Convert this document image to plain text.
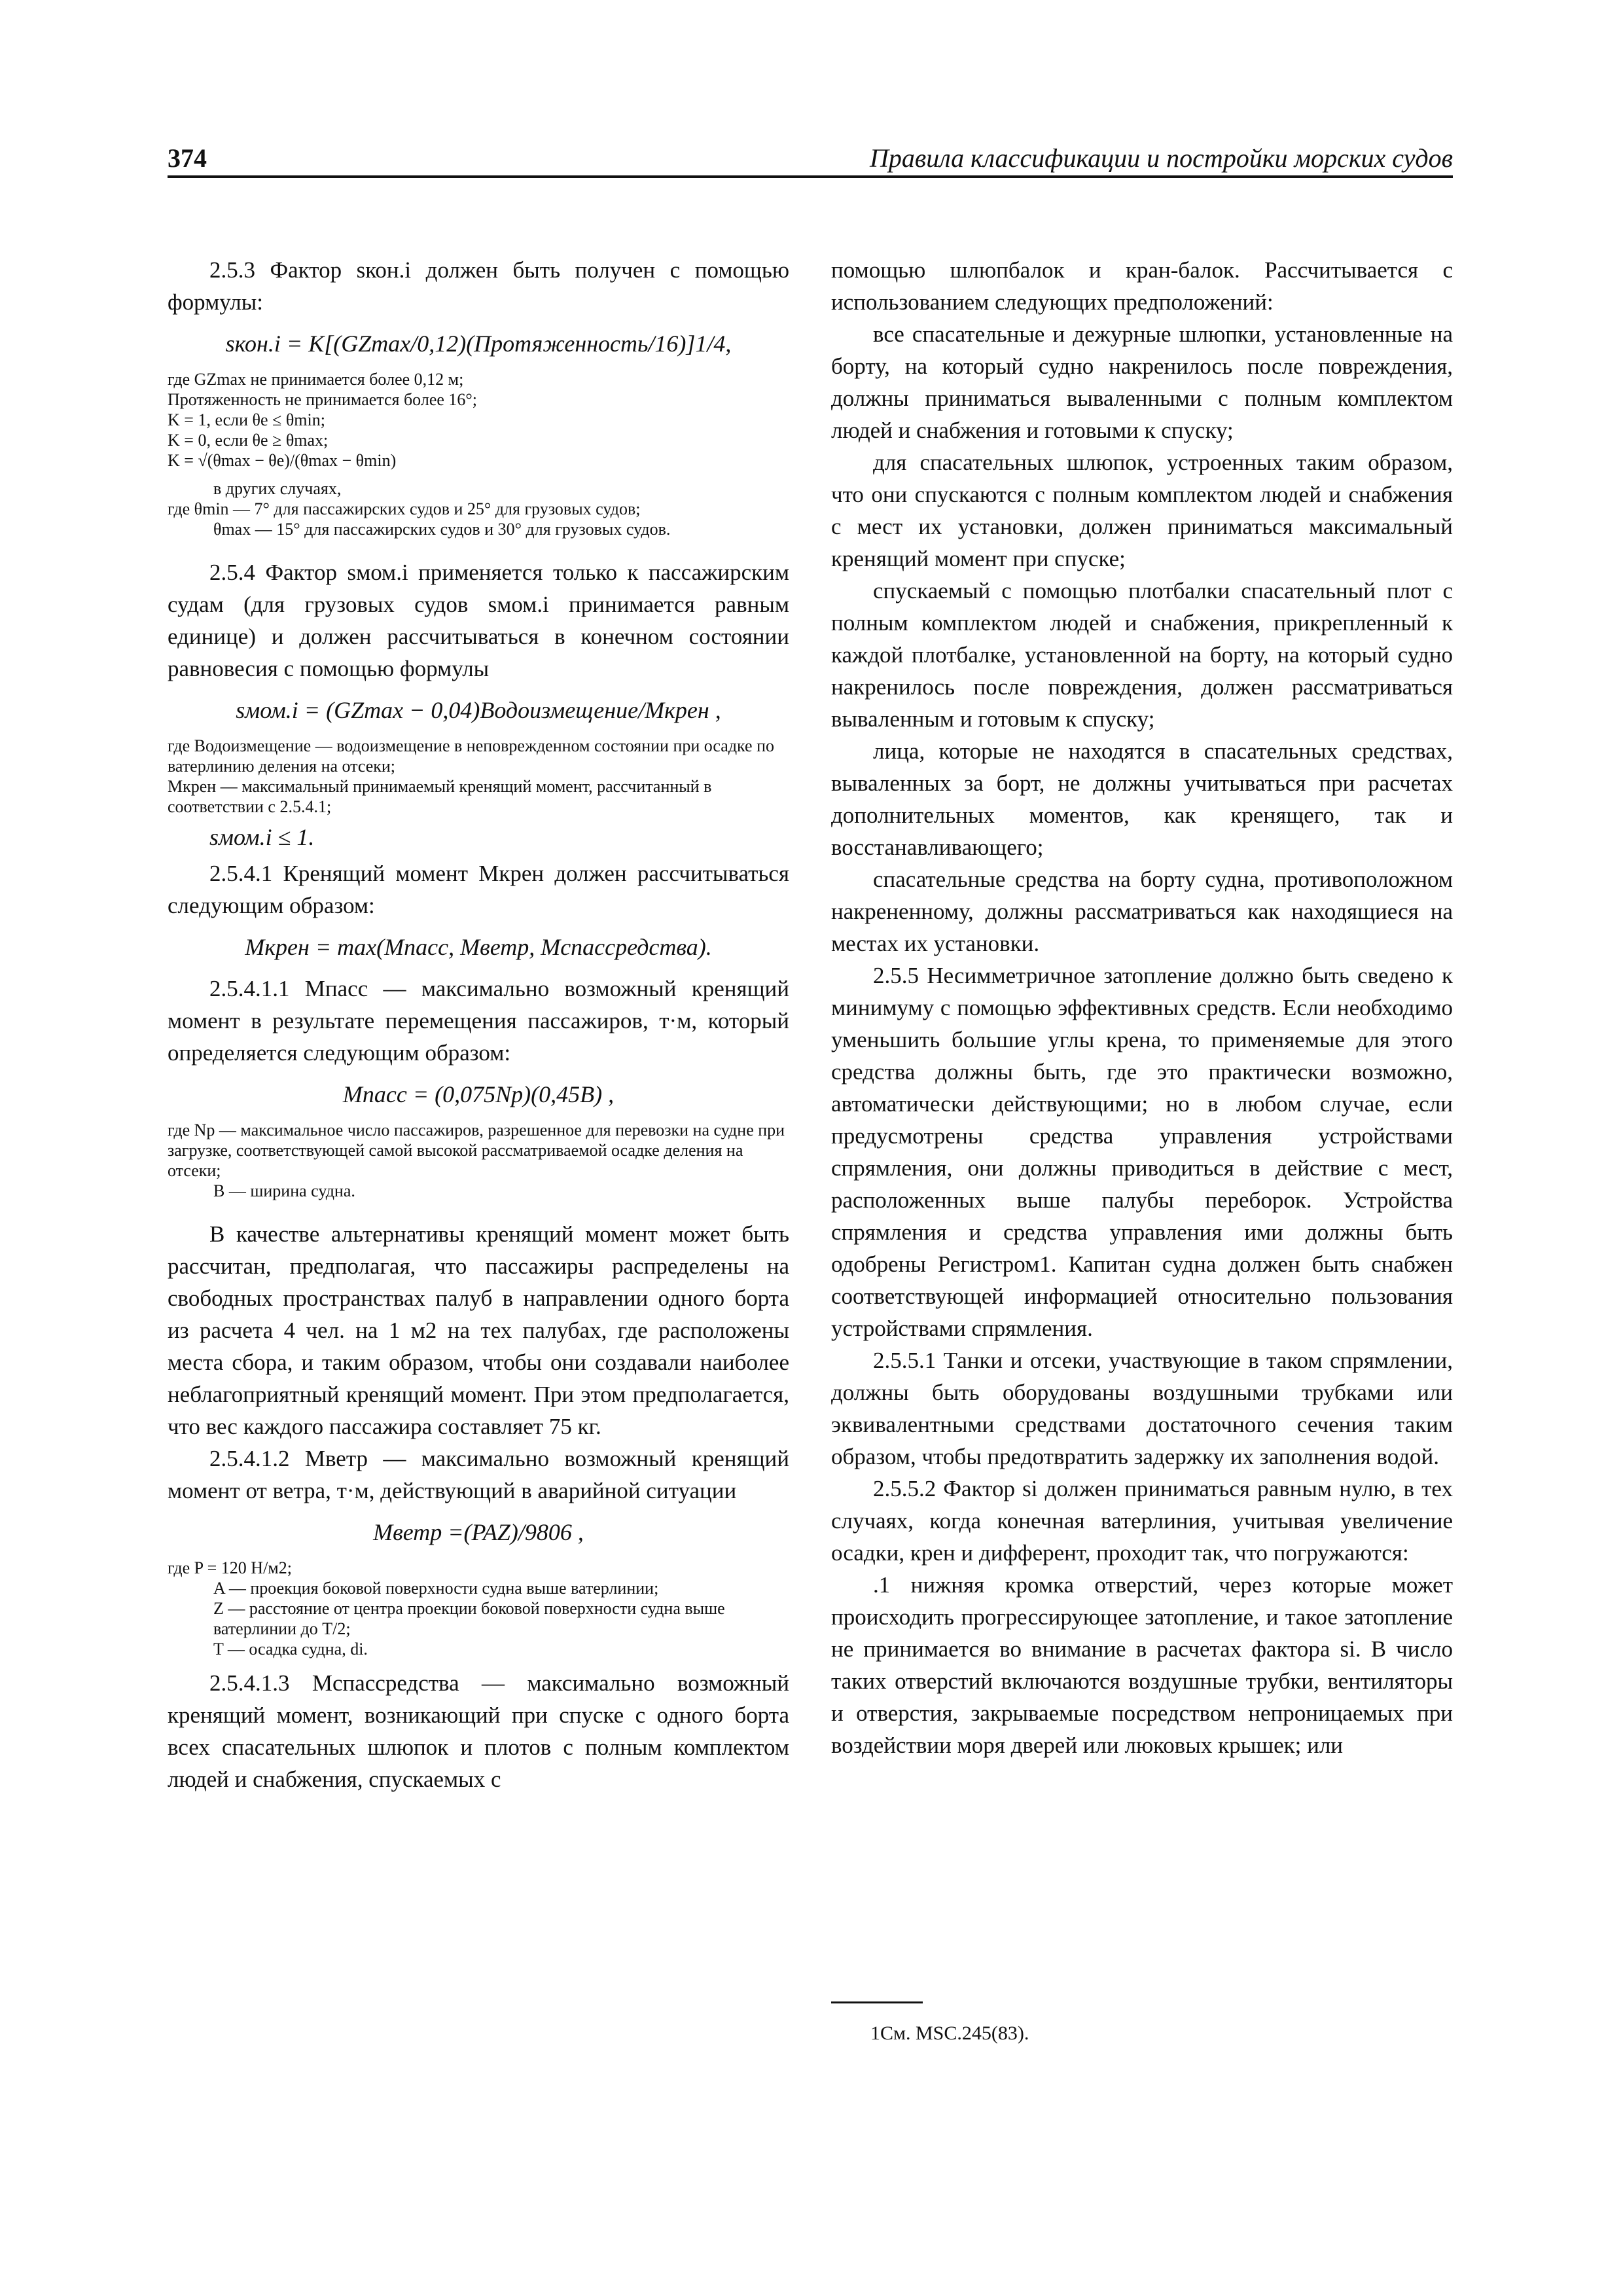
374	Правила классификации и постройки морских судов

2.5.3 Фактор sкон.i должен быть получен с помощью формулы:

sкон.i = K[(GZmax/0,12)(Протяженность/16)]1/4,

где GZmax не принимается более 0,12 м;

Протяженность не принимается более 16°;

K = 1, если θe ≤ θmin;

K = 0, если θe ≥ θmax;

K = √(θmax − θe)/(θmax − θmin)

в других случаях,

где θmin — 7° для пассажирских судов и 25° для грузовых судов;

θmax — 15° для пассажирских судов и 30° для грузовых судов.

2.5.4 Фактор sмом.i применяется только к пассажирским судам (для грузовых судов sмом.i принимается равным единице) и должен рассчитываться в конечном состоянии равновесия с помощью формулы

sмом.i = (GZmax − 0,04)Водоизмещение/Mкрен ,

где Водоизмещение — водоизмещение в неповрежденном состоянии при осадке по ватерлинию деления на отсеки;

Mкрен — максимальный принимаемый кренящий момент, рассчитанный в соответствии с 2.5.4.1;

sмом.i ≤ 1.

2.5.4.1 Кренящий момент Mкрен должен рассчитываться следующим образом:

Mкрен = max(Mпасс, Mветр, Mспассредства).

2.5.4.1.1 Mпасс — максимально возможный кренящий момент в результате перемещения пассажиров, т·м, который определяется следующим образом:

Mпасс = (0,075Np)(0,45B) ,

где Np — максимальное число пассажиров, разрешенное для перевозки на судне при загрузке, соответствующей самой высокой рассматриваемой осадке деления на отсеки;

B — ширина судна.

В качестве альтернативы кренящий момент может быть рассчитан, предполагая, что пассажиры распределены на свободных пространствах палуб в направлении одного борта из расчета 4 чел. на 1 м2 на тех палубах, где расположены места сбора, и таким образом, чтобы они создавали наиболее неблагоприятный кренящий момент. При этом предполагается, что вес каждого пассажира составляет 75 кг.

2.5.4.1.2 Mветр — максимально возможный кренящий момент от ветра, т·м, действующий в аварийной ситуации

Mветр =(PAZ)/9806 ,

где P = 120 Н/м2;

A — проекция боковой поверхности судна выше ватерлинии;

Z — расстояние от центра проекции боковой поверхности судна выше ватерлинии до T/2;

T — осадка судна, di.

2.5.4.1.3 Mспассредства — максимально возможный кренящий момент, возникающий при спуске с одного борта всех спасательных шлюпок и плотов с полным комплектом людей и снабжения, спускаемых с

помощью шлюпбалок и кран-балок. Рассчитывается с использованием следующих предположений:

все спасательные и дежурные шлюпки, установленные на борту, на который судно накренилось после повреждения, должны приниматься вываленными с полным комплектом людей и снабжения и готовыми к спуску;

для спасательных шлюпок, устроенных таким образом, что они спускаются с полным комплектом людей и снабжения с мест их установки, должен приниматься максимальный кренящий момент при спуске;

спускаемый с помощью плотбалки спасательный плот с полным комплектом людей и снабжения, прикрепленный к каждой плотбалке, установленной на борту, на который судно накренилось после повреждения, должен рассматриваться вываленным и готовым к спуску;

лица, которые не находятся в спасательных средствах, вываленных за борт, не должны учитываться при расчетах дополнительных моментов, как кренящего, так и восстанавливающего;

спасательные средства на борту судна, противоположном накрененному, должны рассматриваться как находящиеся на местах их установки.

2.5.5 Несимметричное затопление должно быть сведено к минимуму с помощью эффективных средств. Если необходимо уменьшить большие углы крена, то применяемые для этого средства должны быть, где это практически возможно, автоматически действующими; но в любом случае, если предусмотрены средства управления устройствами спрямления, они должны приводиться в действие с мест, расположенных выше палубы переборок. Устройства спрямления и средства управления ими должны быть одобрены Регистром1. Капитан судна должен быть снабжен соответствующей информацией относительно пользования устройствами спрямления.

2.5.5.1 Танки и отсеки, участвующие в таком спрямлении, должны быть оборудованы воздушными трубками или эквивалентными средствами достаточного сечения таким образом, чтобы предотвратить задержку их заполнения водой.

2.5.5.2 Фактор si должен приниматься равным нулю, в тех случаях, когда конечная ватерлиния, учитывая увеличение осадки, крен и дифферент, проходит так, что погружаются:

.1 нижняя кромка отверстий, через которые может происходить прогрессирующее затопление, и такое затопление не принимается во внимание в расчетах фактора si. В число таких отверстий включаются воздушные трубки, вентиляторы и отверстия, закрываемые посредством непроницаемых при воздействии моря дверей или люковых крышек; или

1См. MSC.245(83).
